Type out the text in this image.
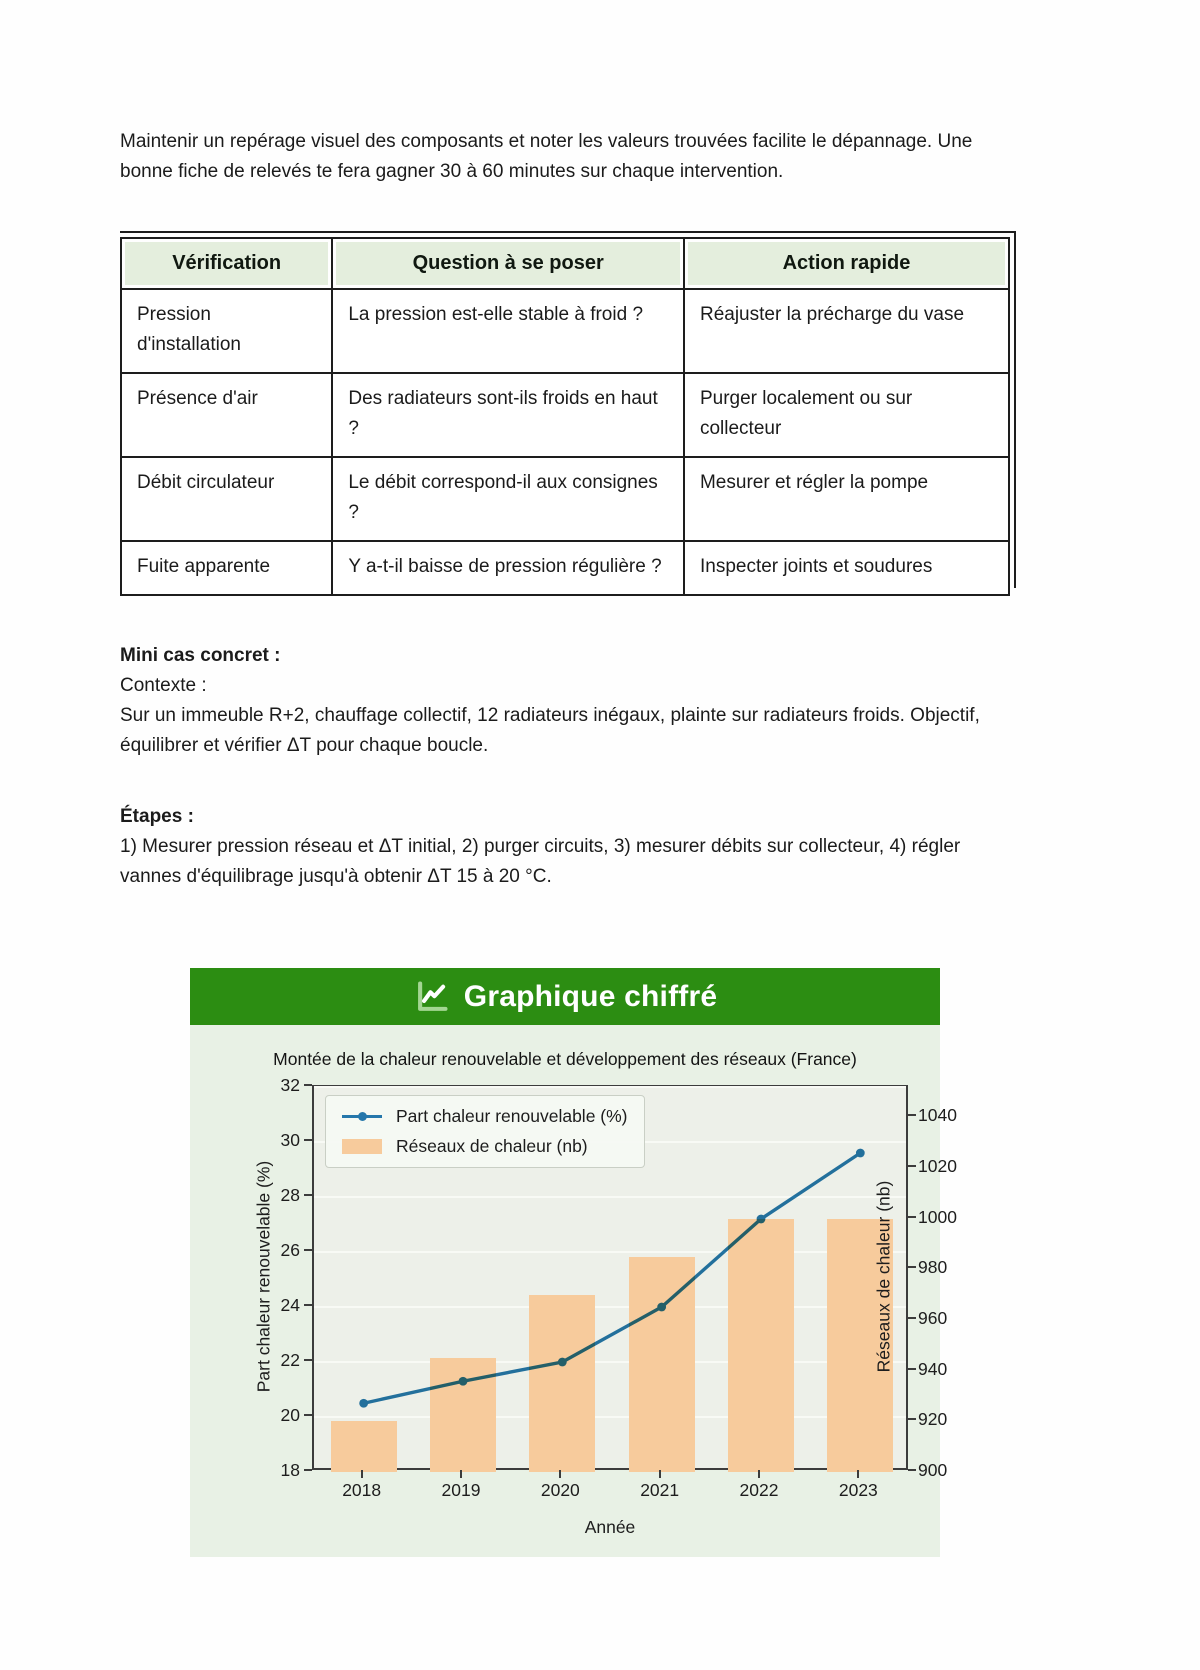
Maintenir un repérage visuel des composants et noter les valeurs trouvées facilite le dépannage. Une bonne fiche de relevés te fera gagner 30 à 60 minutes sur chaque intervention.

Vérification	Question à se poser	Action rapide

Pression d'installation	La pression est-elle stable à froid ?	Réajuster la précharge du vase
Présence d'air	Des radiateurs sont-ils froids en haut ?	Purger localement ou sur collecteur
Débit circulateur	Le débit correspond-il aux consignes ?	Mesurer et régler la pompe
Fuite apparente	Y a-t-il baisse de pression régulière ?	Inspecter joints et soudures

Mini cas concret :

Contexte :

Sur un immeuble R+2, chauffage collectif, 12 radiateurs inégaux, plainte sur radiateurs froids. Objectif, équilibrer et vérifier ΔT pour chaque boucle.

Étapes :

1) Mesurer pression réseau et ΔT initial, 2) purger circuits, 3) mesurer débits sur collecteur, 4) régler vannes d'équilibrage jusqu'à obtenir ΔT 15 à 20 °C.

Graphique chiffré
Montée de la chaleur renouvelable et développement des réseaux (France)
18
20
22
24
26
28
30
32
900
920
940
960
980
1000
1020
1040
2018	2019	2020	2021	2022	2023
Part chaleur renouvelable (%)	Réseaux de chaleur (nb)
Année
Part chaleur renouvelable (%)
Réseaux de chaleur (nb)
